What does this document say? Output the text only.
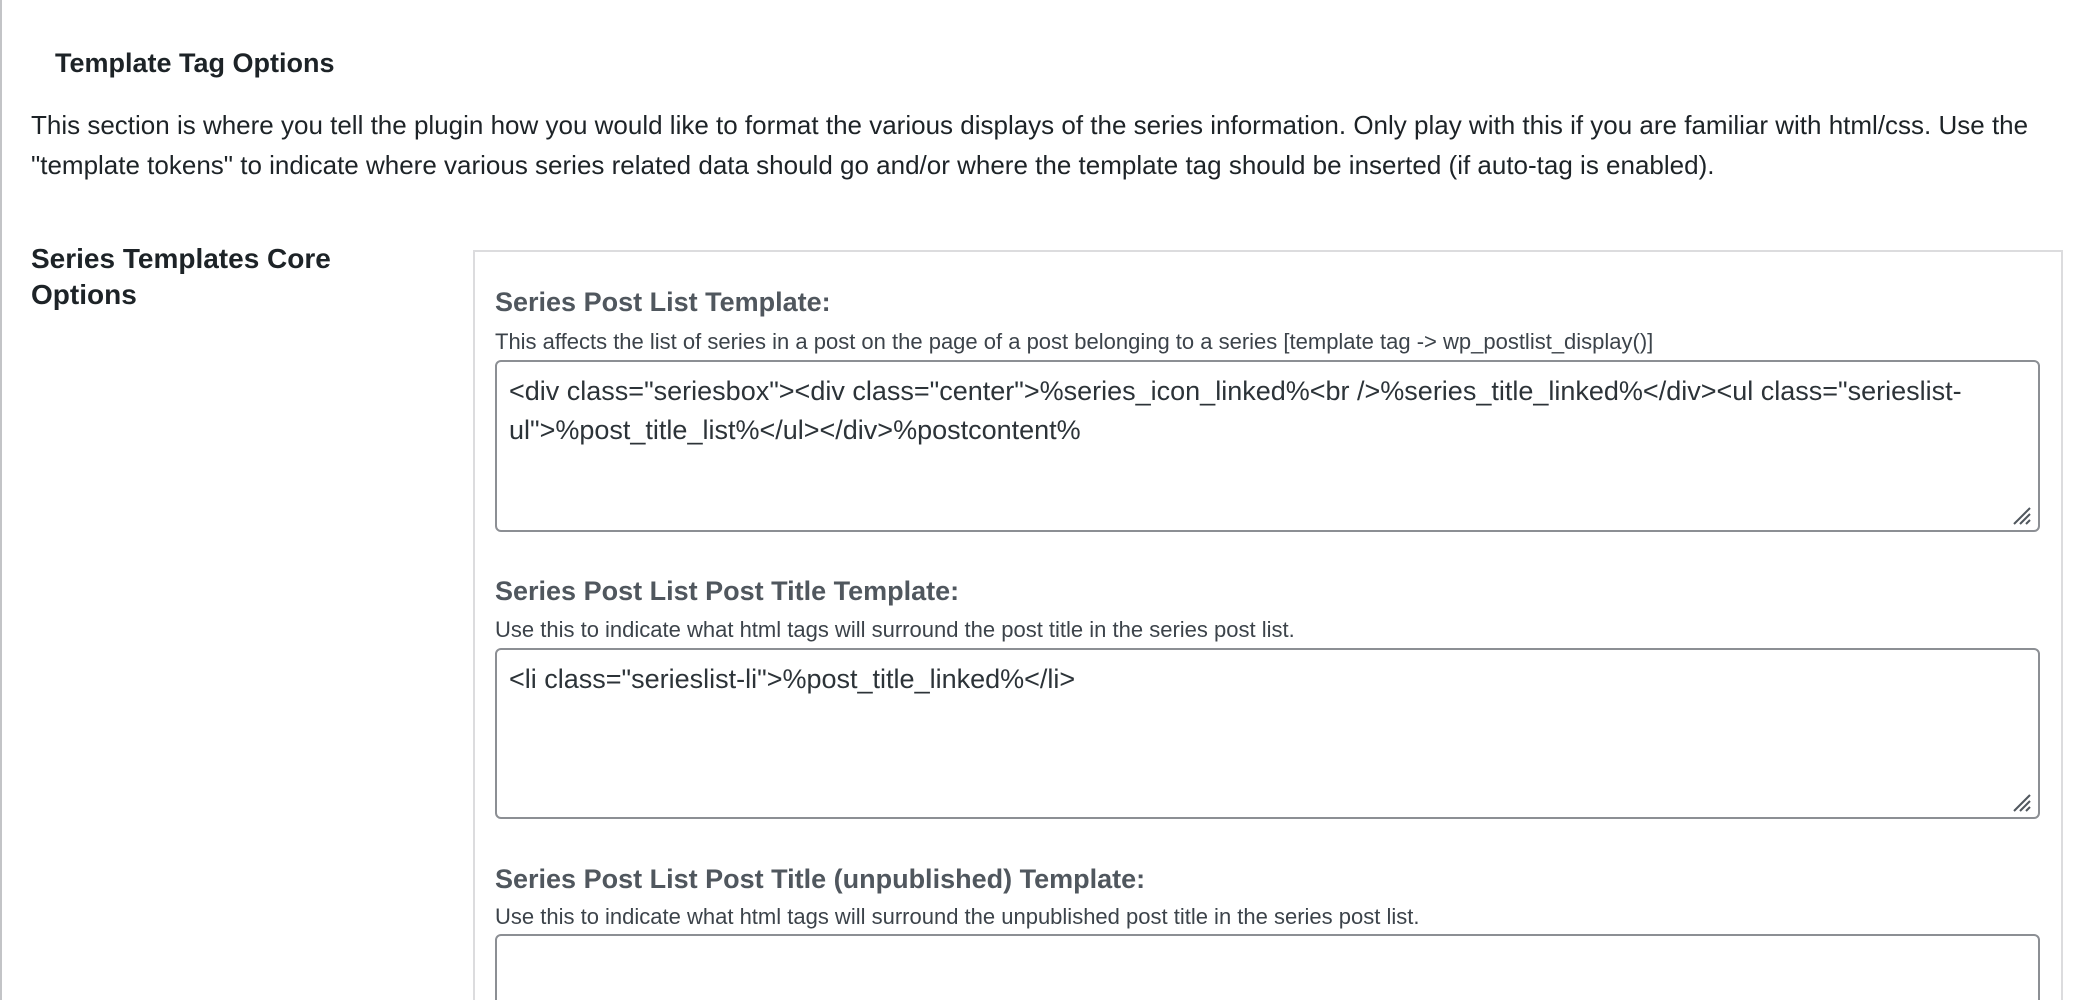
Template Tag Options

This section is where you tell the plugin how you would like to format the various displays of the series information. Only play with this if you are familiar with html/css. Use the "template tokens" to indicate where various series related data should go and/or where the template tag should be inserted (if auto-tag is enabled).

Series Templates Core Options	Series Post List Template:
This affects the list of series in a post on the page of a post belonging to a series [template tag -> wp_postlist_display()]
<div class="seriesbox"><div class="center">%series_icon_linked%<br />%series_title_linked%</div><ul class="serieslist-ul">%post_title_list%</ul></div>%postcontent%
Series Post List Post Title Template:
Use this to indicate what html tags will surround the post title in the series post list.
<li class="serieslist-li">%post_title_linked%</li>
Series Post List Post Title (unpublished) Template:
Use this to indicate what html tags will surround the unpublished post title in the series post list.
